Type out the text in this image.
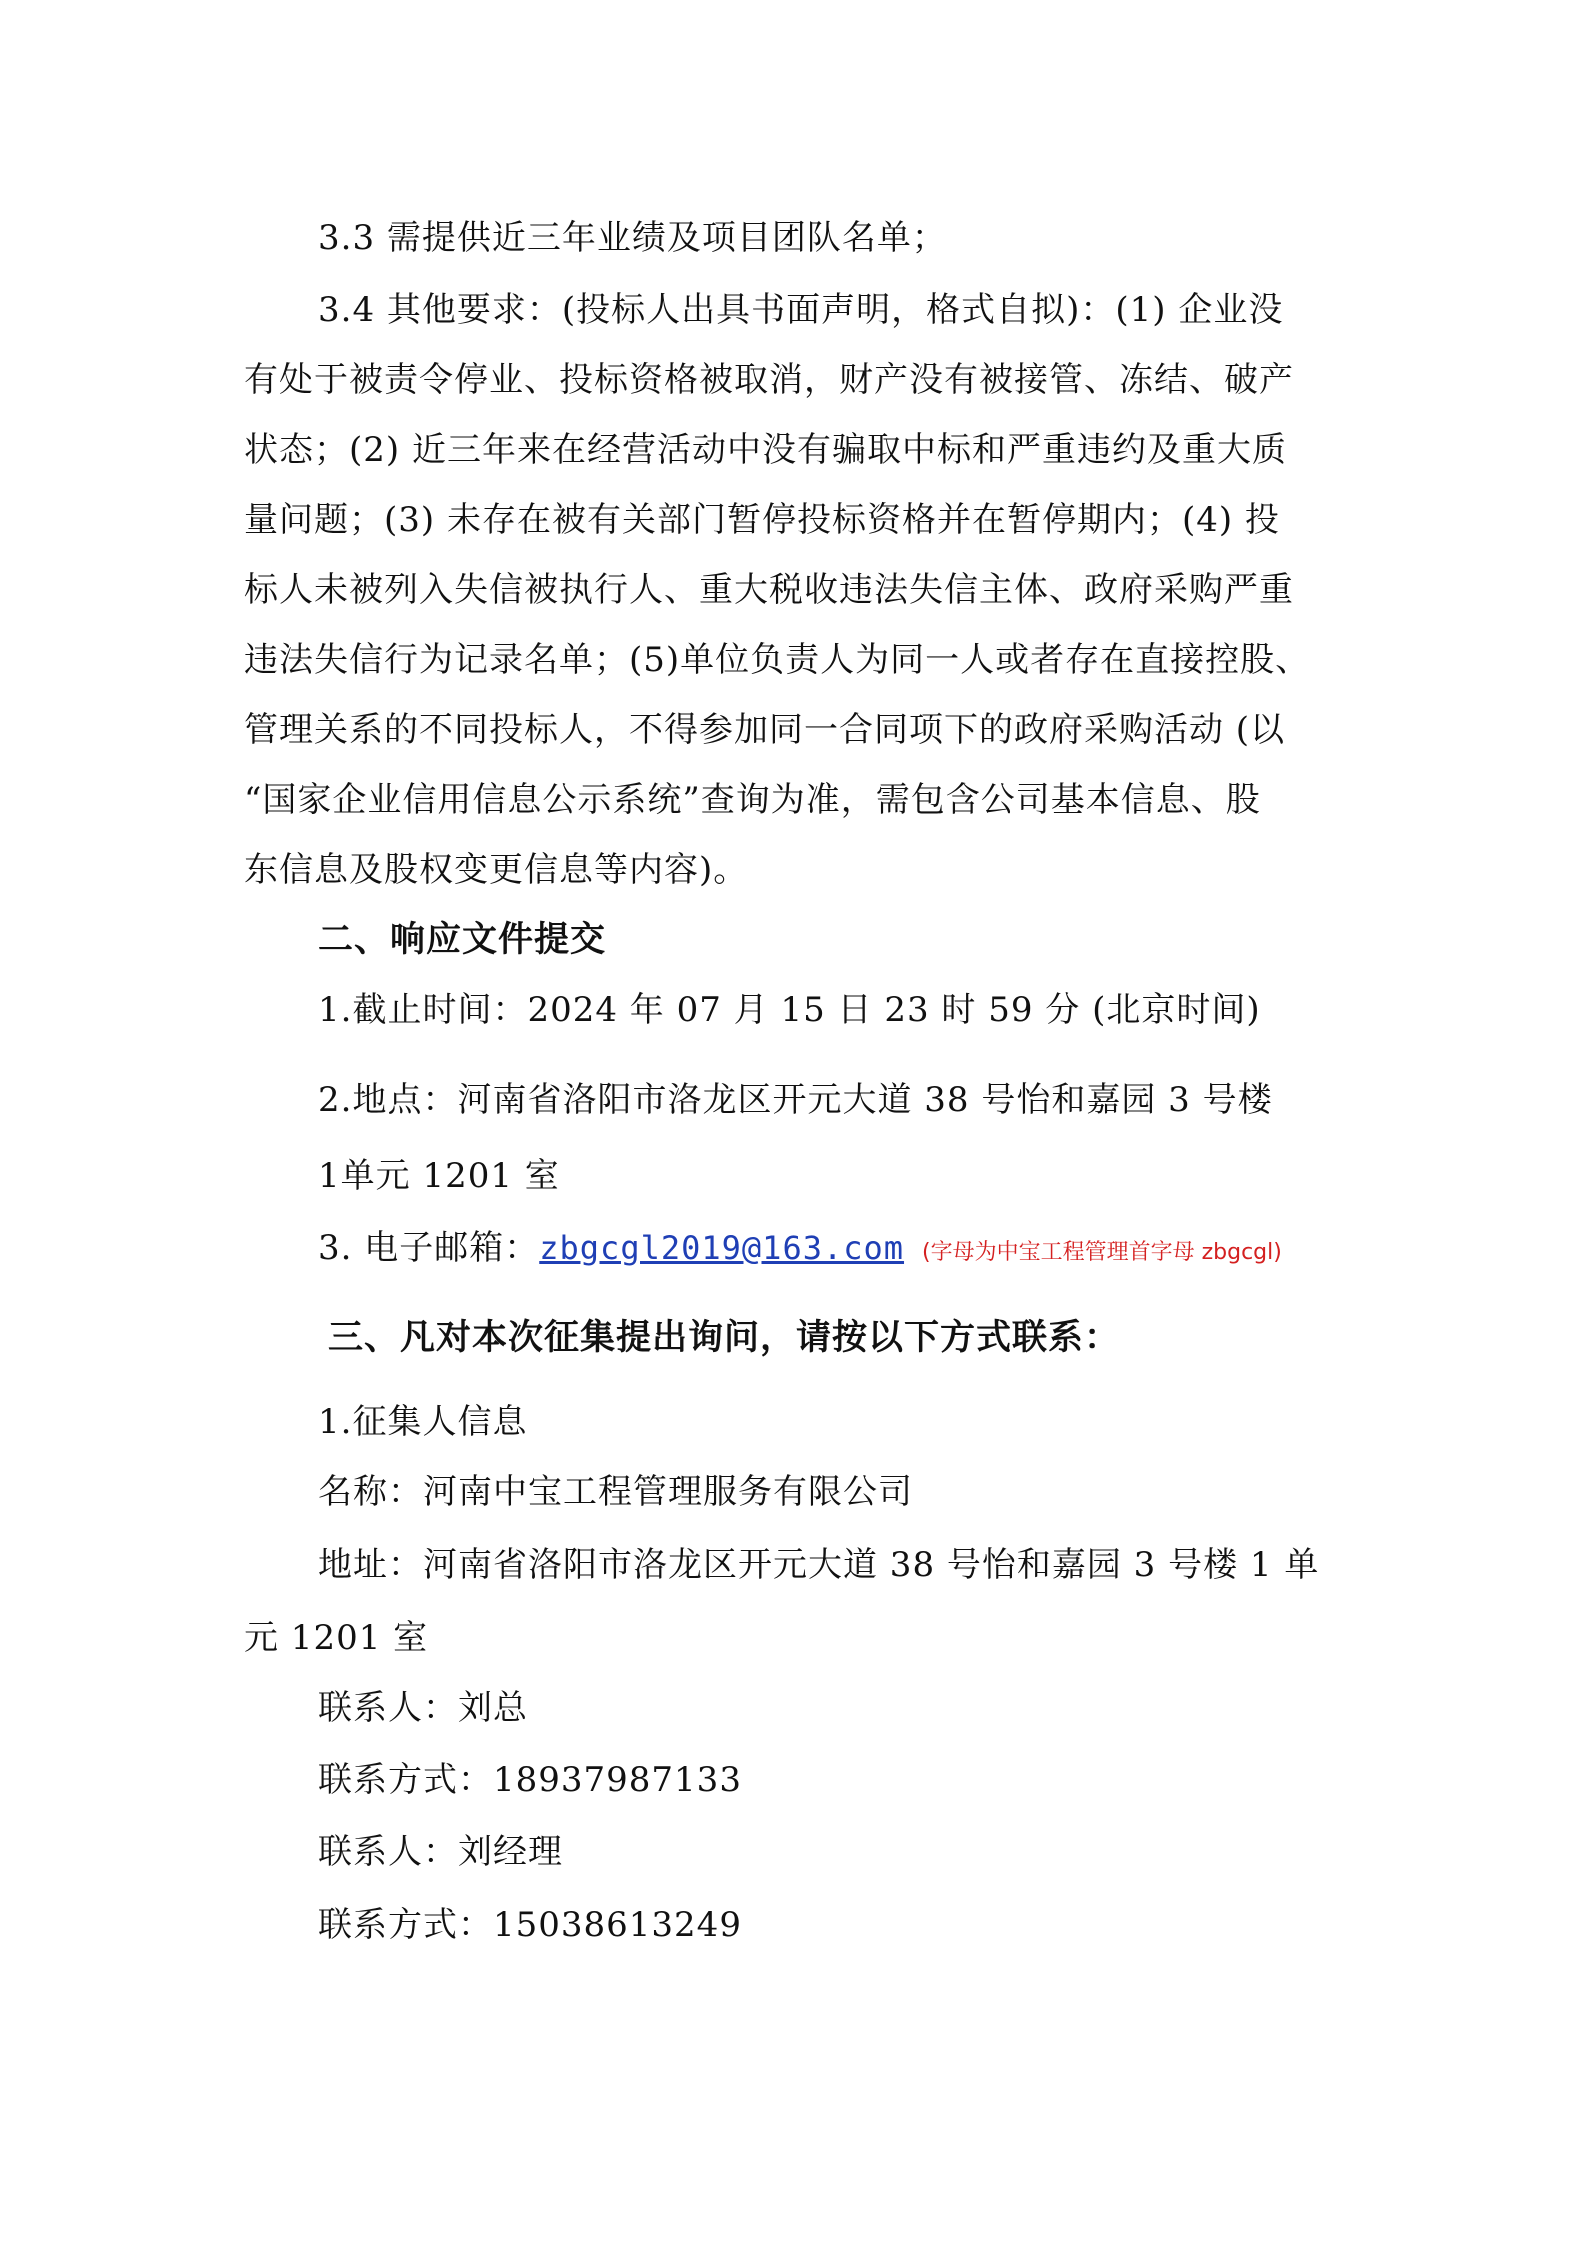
3.3 需提供近三年业绩及项目团队名单；
3.4 其他要求：(投标人出具书面声明，格式自拟)：(1) 企业没
有处于被责令停业、投标资格被取消，财产没有被接管、冻结、破产
状态；(2) 近三年来在经营活动中没有骗取中标和严重违约及重大质
量问题；(3) 未存在被有关部门暂停投标资格并在暂停期内；(4) 投
标人未被列入失信被执行人、重大税收违法失信主体、政府采购严重
违法失信行为记录名单；(5)单位负责人为同一人或者存在直接控股、
管理关系的不同投标人，不得参加同一合同项下的政府采购活动 (以
“国家企业信用信息公示系统”查询为准，需包含公司基本信息、股
东信息及股权变更信息等内容)。
二、响应文件提交
1.截止时间：2024 年 07 月 15 日 23 时 59 分 (北京时间)
2.地点：河南省洛阳市洛龙区开元大道 38 号怡和嘉园 3 号楼
1单元 1201 室
3. 电子邮箱：zbgcgl2019@163.com (字母为中宝工程管理首字母 zbgcgl)
三、凡对本次征集提出询问，请按以下方式联系：
1.征集人信息
名称：河南中宝工程管理服务有限公司
地址：河南省洛阳市洛龙区开元大道 38 号怡和嘉园 3 号楼 1 单
元 1201 室
联系人：刘总
联系方式：18937987133
联系人：刘经理
联系方式：15038613249
